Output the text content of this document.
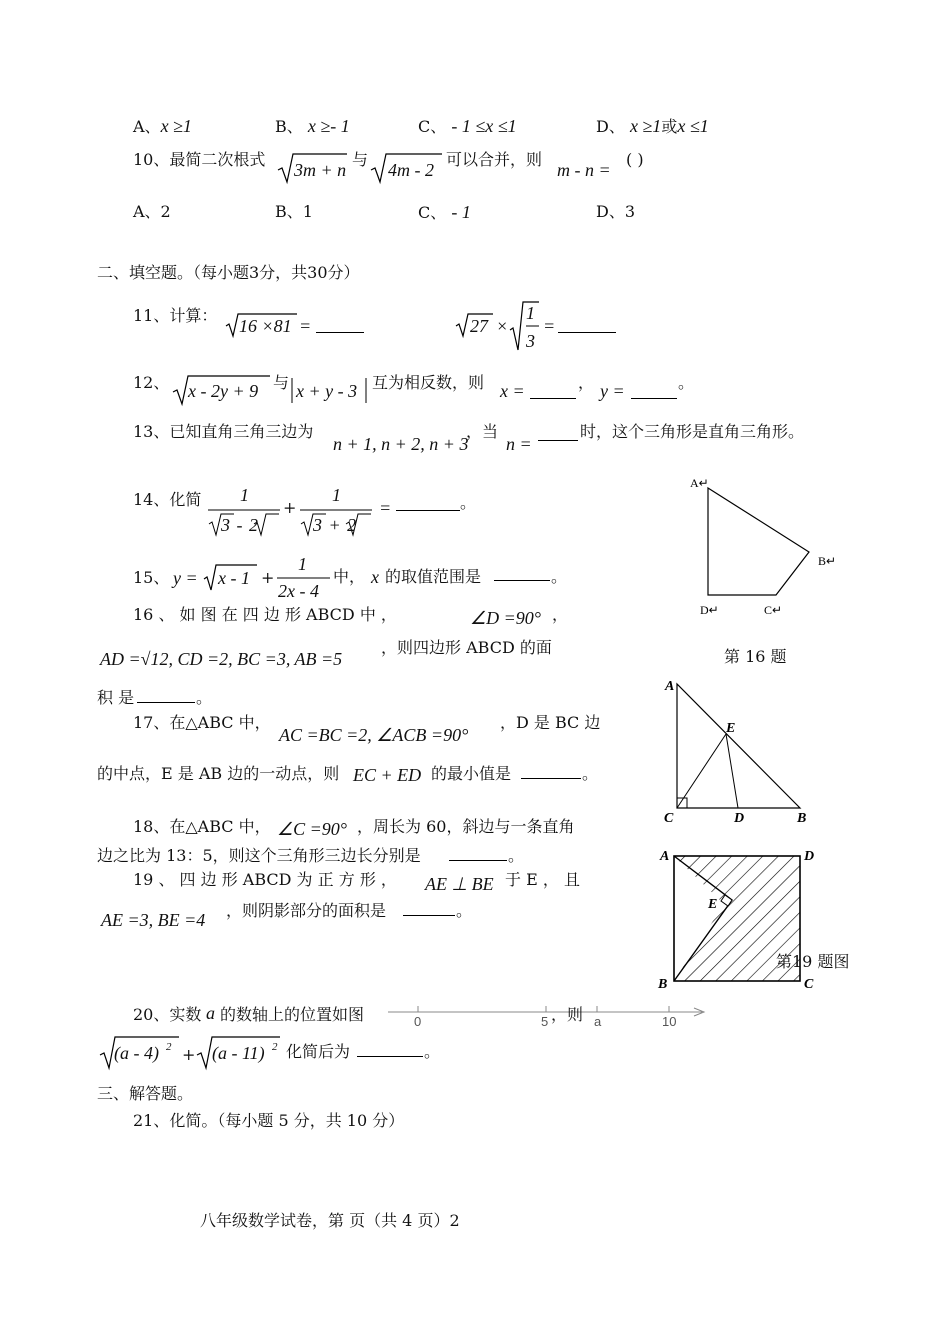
A、x ≥1	B、 x ≥- 1	C、 - 1 ≤x ≤1	D、 x ≥1或x ≤1
10、最简二次根式
3m + n
与
4m - 2
可以合并，则
m - n =
( )
A、2	B、1	C、 - 1	D、3
二、填空题。（每小题3分，共30分）
11、计算：
16 ×81 =	27 ×
1
3
=
12、 x - 2y + 9 与 x + y - 3 互为相反数，则 x =	， y =	。
13、已知直角三角三边为
n + 1, n + 2, n + 3
，当
n =
时，这个三角形是直角三角形。
14、化简 1
3 - 2
+
1
3 + 2
=	。
A↵
B↵
C↵
D↵
第 16 题
15、 y = x - 1 +
1
2x - 4
中， x 的取值范围是	。
16 、 如 图 在 四 边 形 ABCD 中 ，	∠D =90° ，
AD =√12, CD =2, BC =3, AB =5
，则四边形 ABCD 的面
积 是	。
A
E
C	D	B
17、在△ABC 中，
AC =BC =2, ∠ACB =90°
，D 是 BC 边
的中点，E 是 AB 边的一动点，则 EC + ED 的最小值是	。
18、在△ABC 中， ∠C =90° ，周长为 60，斜边与一条直角
边之比为 13：5，则这个三角形三边长分别是	。	A	D
E
B	C
第19 题图
19 、 四 边 形 ABCD 为 正 方 形 ， AE ⊥ BE 于 E ， 且
AE =3, BE =4 ，则阴影部分的面积是	。
20、实数 a 的数轴上的位置如图	0	5 ，则 a	10
(a - 4) 2 + (a - 11) 2 化简后为	。
三、解答题。
21、化简。（每小题 5 分，共 10 分）
八年级数学试卷，第 页（共 4 页）2
